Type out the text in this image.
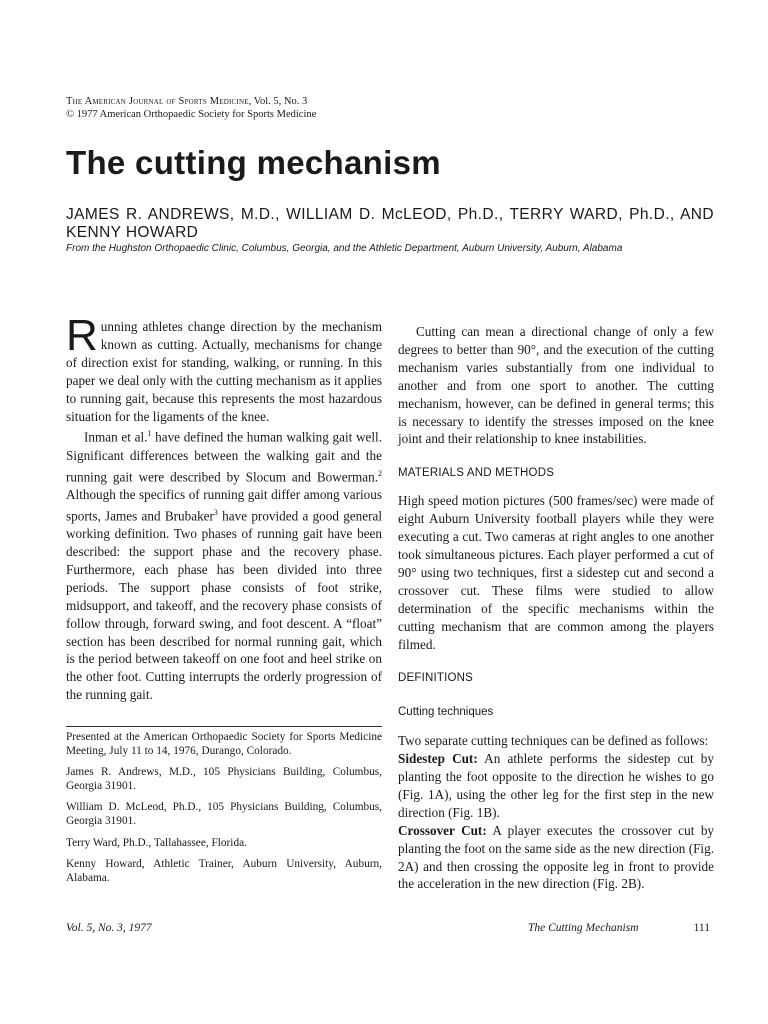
The American Journal of Sports Medicine, Vol. 5, No. 3
© 1977 American Orthopaedic Society for Sports Medicine
The cutting mechanism
JAMES R. ANDREWS, M.D., WILLIAM D. McLEOD, Ph.D., TERRY WARD, Ph.D., AND KENNY HOWARD
From the Hughston Orthopaedic Clinic, Columbus, Georgia, and the Athletic Department, Auburn University, Auburn, Alabama

Running athletes change direction by the mechanism known as cutting. Actually, mechanisms for change of direction exist for standing, walking, or running. In this paper we deal only with the cutting mechanism as it applies to running gait, because this represents the most hazardous situation for the ligaments of the knee.

Inman et al.$^1$ have defined the human walking gait well. Significant differences between the walking gait and the running gait were described by Slocum and Bowerman.$^2$ Although the specifics of running gait differ among various sports, James and Brubaker$^3$ have provided a good general working definition. Two phases of running gait have been described: the support phase and the recovery phase. Furthermore, each phase has been divided into three periods. The support phase consists of foot strike, midsupport, and takeoff, and the recovery phase consists of follow through, forward swing, and foot descent. A “float” section has been described for normal running gait, which is the period between takeoff on one foot and heel strike on the other foot. Cutting interrupts the orderly progression of the running gait.

Presented at the American Orthopaedic Society for Sports Medicine Meeting, July 11 to 14, 1976, Durango, Colorado.

James R. Andrews, M.D., 105 Physicians Building, Columbus, Georgia 31901.

William D. McLeod, Ph.D., 105 Physicians Building, Columbus, Georgia 31901.

Terry Ward, Ph.D., Tallahassee, Florida.

Kenny Howard, Athletic Trainer, Auburn University, Auburn, Alabama.

Cutting can mean a directional change of only a few degrees to better than 90°, and the execution of the cutting mechanism varies substantially from one individual to another and from one sport to another. The cutting mechanism, however, can be defined in general terms; this is necessary to identify the stresses imposed on the knee joint and their relationship to knee instabilities.

MATERIALS AND METHODS

High speed motion pictures (500 frames/sec) were made of eight Auburn University football players while they were executing a cut. Two cameras at right angles to one another took simultaneous pictures. Each player performed a cut of 90° using two techniques, first a sidestep cut and second a crossover cut. These films were studied to allow determination of the specific mechanisms within the cutting mechanism that are common among the players filmed.

DEFINITIONS
Cutting techniques

Two separate cutting techniques can be defined as follows:

Sidestep Cut: An athlete performs the sidestep cut by planting the foot opposite to the direction he wishes to go (Fig. 1A), using the other leg for the first step in the new direction (Fig. 1B).

Crossover Cut: A player executes the crossover cut by planting the foot on the same side as the new direction (Fig. 2A) and then crossing the opposite leg in front to provide the acceleration in the new direction (Fig. 2B).

Vol. 5, No. 3, 1977	The Cutting Mechanism	111
